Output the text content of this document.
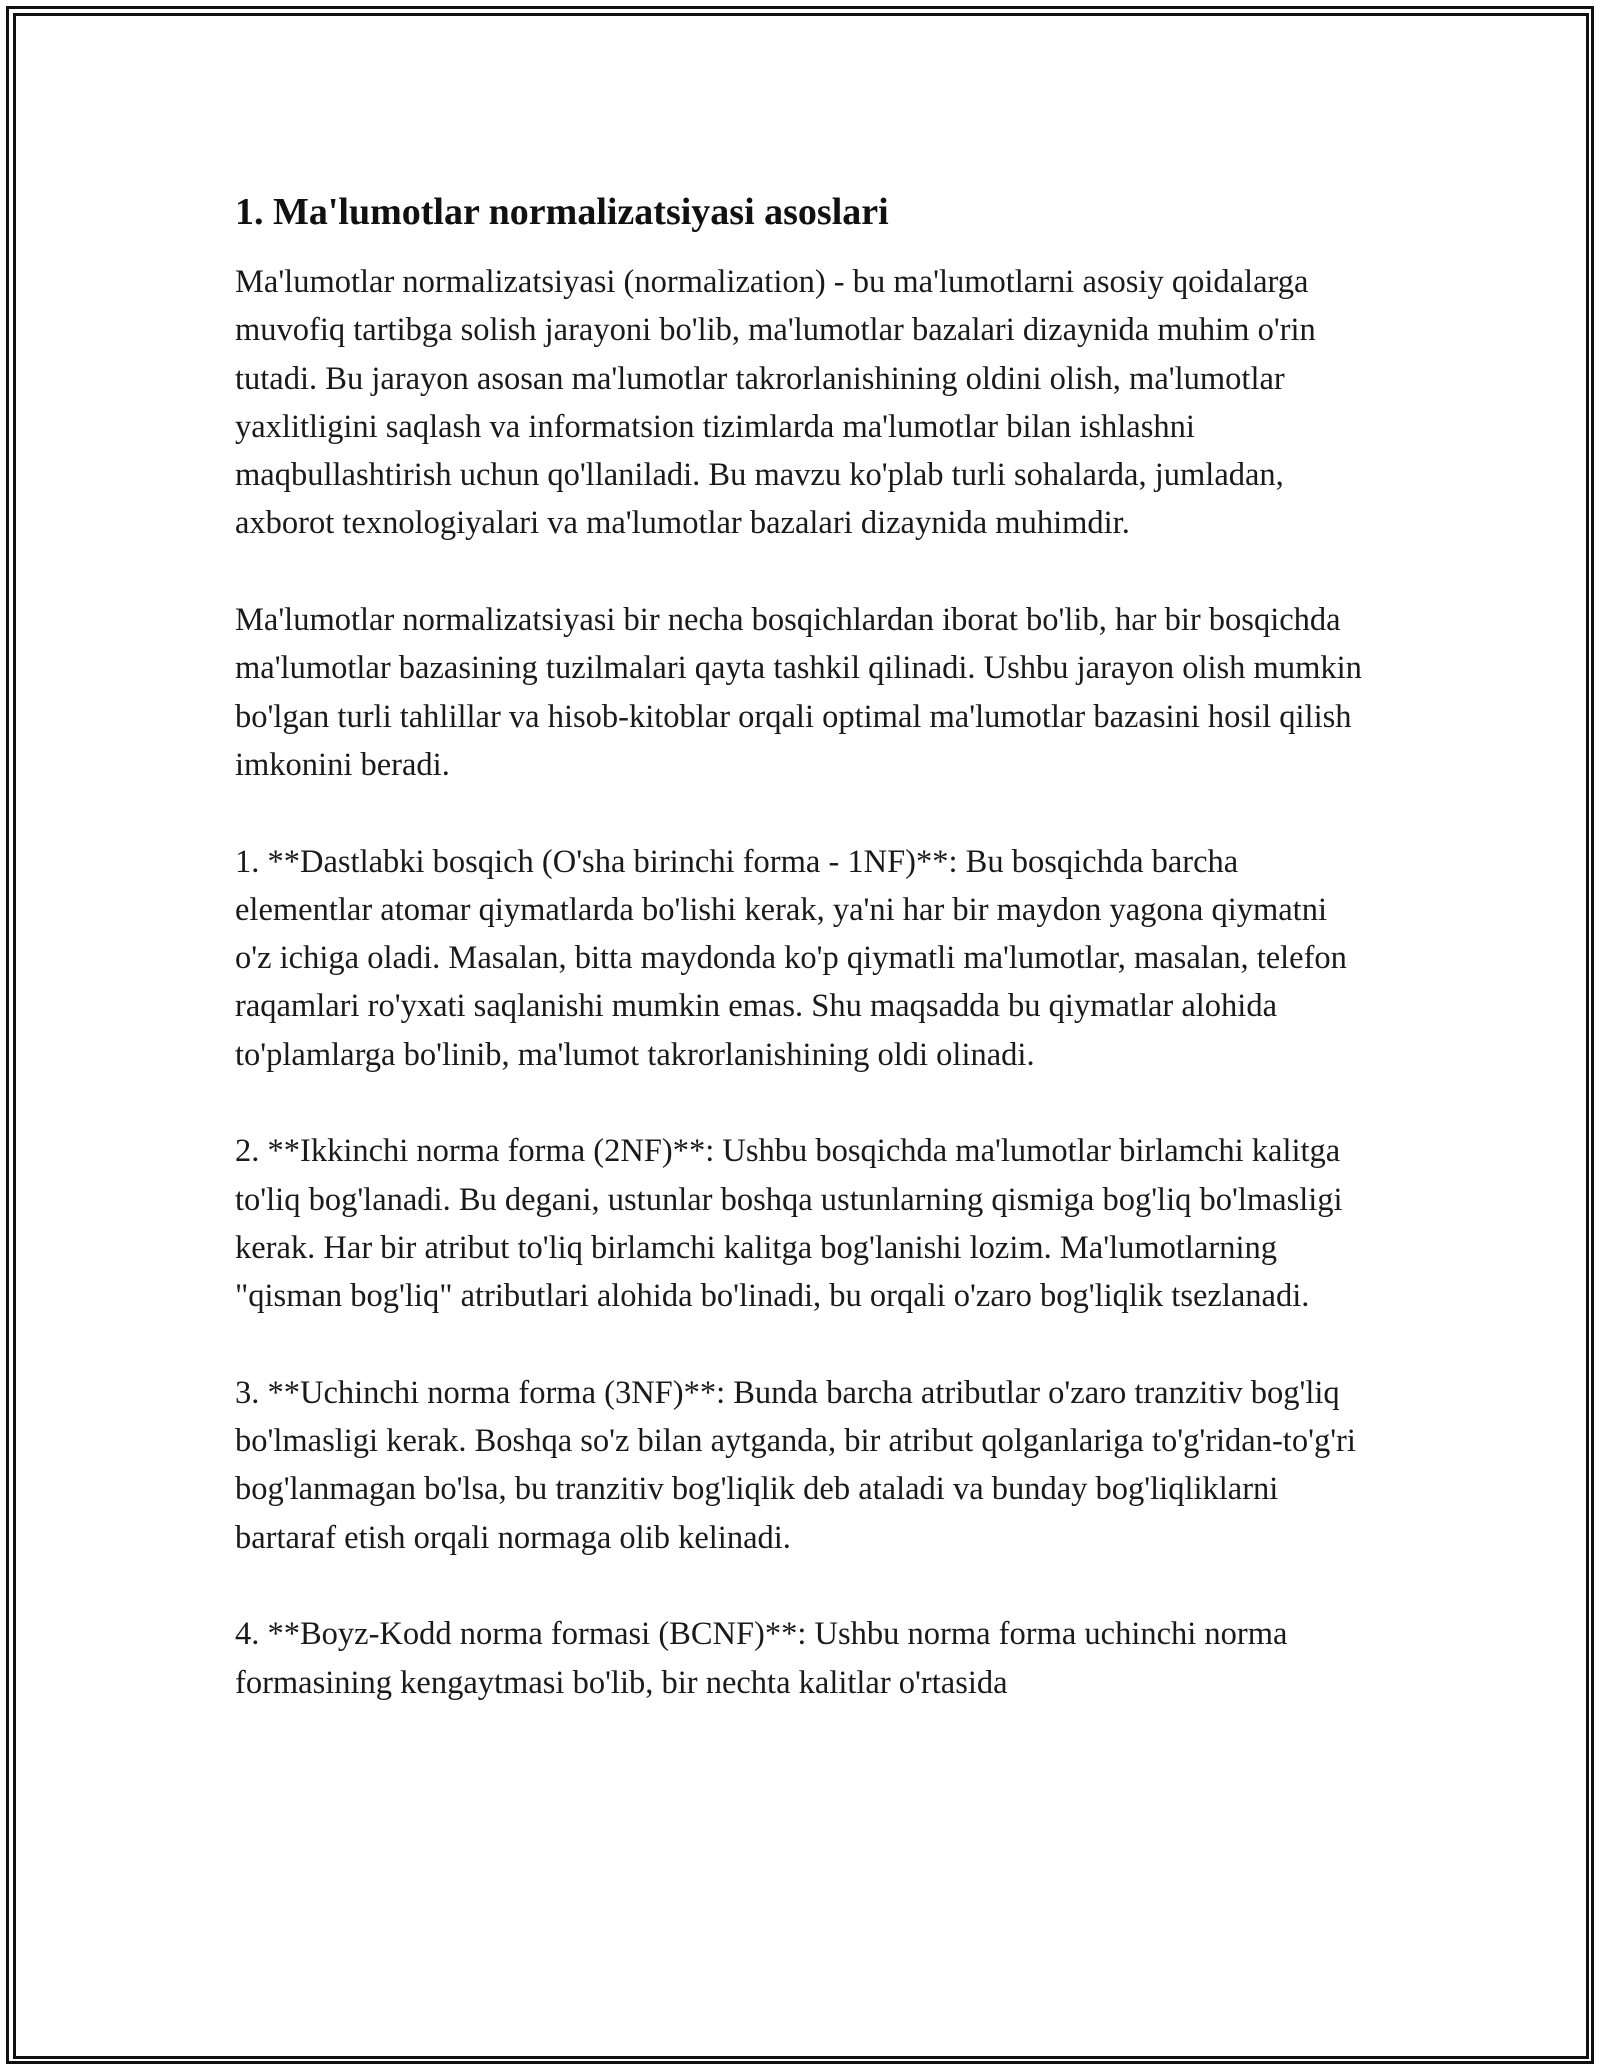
1. Ma'lumotlar normalizatsiyasi asoslari

Ma'lumotlar normalizatsiyasi (normalization) - bu ma'lumotlarni asosiy qoidalarga muvofiq tartibga solish jarayoni bo'lib, ma'lumotlar bazalari dizaynida muhim o'rin tutadi. Bu jarayon asosan ma'lumotlar takrorlanishining oldini olish, ma'lumotlar yaxlitligini saqlash va informatsion tizimlarda ma'lumotlar bilan ishlashni maqbullashtirish uchun qo'llaniladi. Bu mavzu ko'plab turli sohalarda, jumladan, axborot texnologiyalari va ma'lumotlar bazalari dizaynida muhimdir.

Ma'lumotlar normalizatsiyasi bir necha bosqichlardan iborat bo'lib, har bir bosqichda ma'lumotlar bazasining tuzilmalari qayta tashkil qilinadi. Ushbu jarayon olish mumkin bo'lgan turli tahlillar va hisob-kitoblar orqali optimal ma'lumotlar bazasini hosil qilish imkonini beradi.

1. **Dastlabki bosqich (O'sha birinchi forma - 1NF)**: Bu bosqichda barcha elementlar atomar qiymatlarda bo'lishi kerak, ya'ni har bir maydon yagona qiymatni o'z ichiga oladi. Masalan, bitta maydonda ko'p qiymatli ma'lumotlar, masalan, telefon raqamlari ro'yxati saqlanishi mumkin emas. Shu maqsadda bu qiymatlar alohida to'plamlarga bo'linib, ma'lumot takrorlanishining oldi olinadi.

2. **Ikkinchi norma forma (2NF)**: Ushbu bosqichda ma'lumotlar birlamchi kalitga to'liq bog'lanadi. Bu degani, ustunlar boshqa ustunlarning qismiga bog'liq bo'lmasligi kerak. Har bir atribut to'liq birlamchi kalitga bog'lanishi lozim. Ma'lumotlarning "qisman bog'liq" atributlari alohida bo'linadi, bu orqali o'zaro bog'liqlik tsezlanadi.

3. **Uchinchi norma forma (3NF)**: Bunda barcha atributlar o'zaro tranzitiv bog'liq bo'lmasligi kerak. Boshqa so'z bilan aytganda, bir atribut qolganlariga to'g'ridan-to'g'ri bog'lanmagan bo'lsa, bu tranzitiv bog'liqlik deb ataladi va bunday bog'liqliklarni bartaraf etish orqali normaga olib kelinadi.

4. **Boyz-Kodd norma formasi (BCNF)**: Ushbu norma forma uchinchi norma formasining kengaytmasi bo'lib, bir nechta kalitlar o'rtasida
